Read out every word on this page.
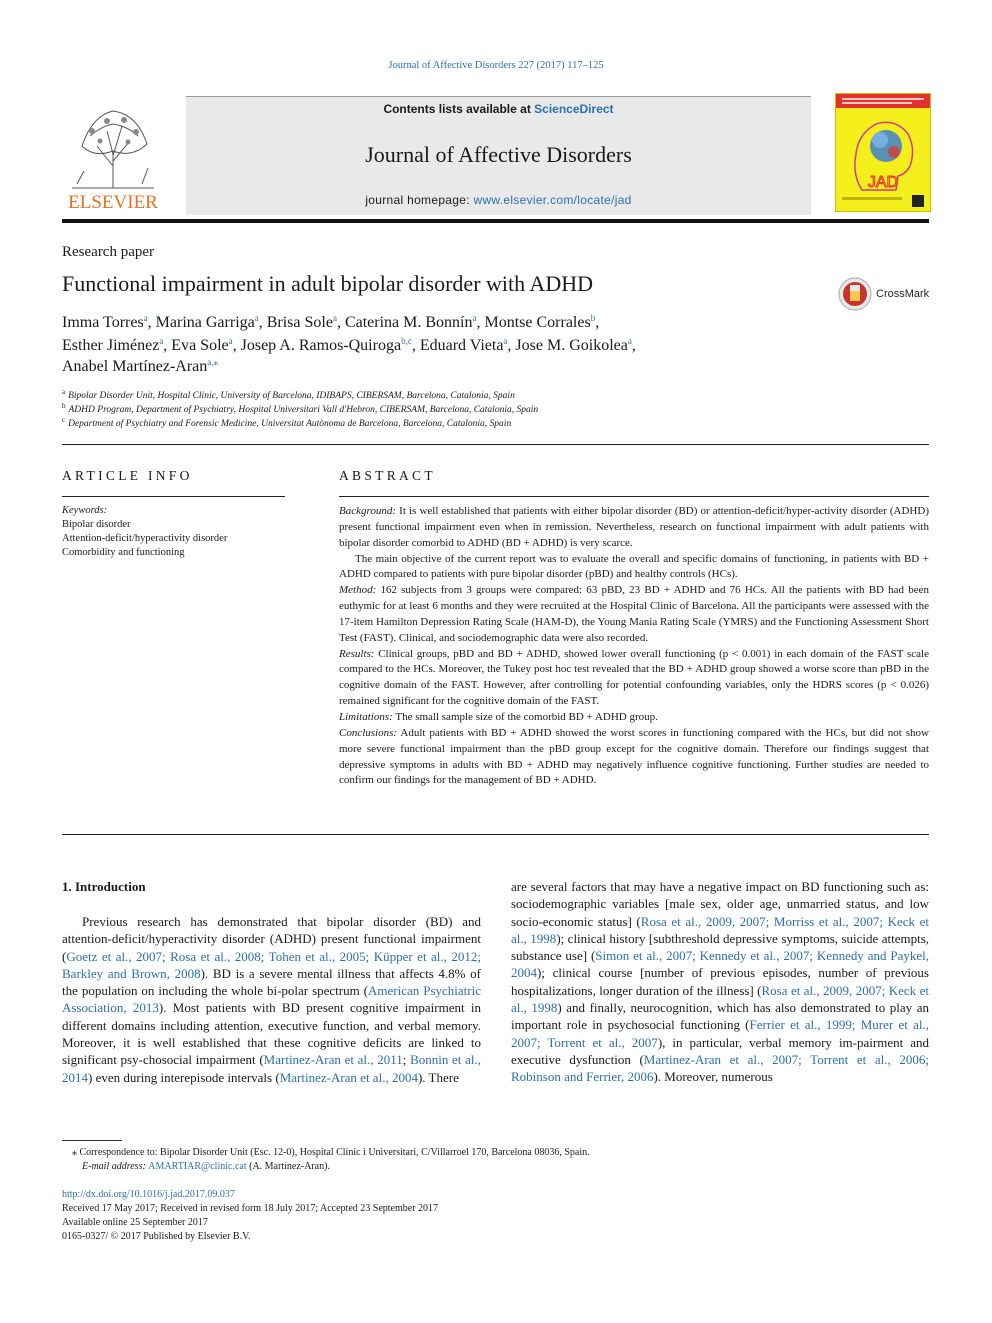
Journal of Affective Disorders 227 (2017) 117–125
ELSEVIER
Contents lists available at ScienceDirect
Journal of Affective Disorders
journal homepage: www.elsevier.com/locate/jad
JAD
Research paper
Functional impairment in adult bipolar disorder with ADHD	CrossMark
Imma Torres$^a$, Marina Garriga$^a$, Brisa Sole$^a$, Caterina M. Bonnín$^a$, Montse Corrales$^b$,
Esther Jiménez$^a$, Eva Sole$^a$, Josep A. Ramos-Quiroga$^{b,c}$, Eduard Vieta$^a$, Jose M. Goikolea$^a$,
Anabel Martínez-Aran$^{a,⁎}$
$^a$ Bipolar Disorder Unit, Hospital Clinic, University of Barcelona, IDIBAPS, CIBERSAM, Barcelona, Catalonia, Spain
$^b$ ADHD Program, Department of Psychiatry, Hospital Universitari Vall d'Hebron, CIBERSAM, Barcelona, Catalonia, Spain
$^c$ Department of Psychiatry and Forensic Medicine, Universitat Autònoma de Barcelona, Barcelona, Catalonia, Spain
ARTICLE INFO
Keywords:
Bipolar disorder
Attention-deficit/hyperactivity disorder
Comorbidity and functioning
ABSTRACT

Background: It is well established that patients with either bipolar disorder (BD) or attention-deficit/hyper-activity disorder (ADHD) present functional impairment even when in remission. Nevertheless, research on functional impairment with adult patients with bipolar disorder comorbid to ADHD (BD + ADHD) is very scarce.

The main objective of the current report was to evaluate the overall and specific domains of functioning, in patients with BD + ADHD compared to patients with pure bipolar disorder (pBD) and healthy controls (HCs).

Method: 162 subjects from 3 groups were compared: 63 pBD, 23 BD + ADHD and 76 HCs. All the patients with BD had been euthymic for at least 6 months and they were recruited at the Hospital Clinic of Barcelona. All the participants were assessed with the 17-item Hamilton Depression Rating Scale (HAM-D), the Young Mania Rating Scale (YMRS) and the Functioning Assessment Short Test (FAST). Clinical, and sociodemographic data were also recorded.

Results: Clinical groups, pBD and BD + ADHD, showed lower overall functioning (p < 0.001) in each domain of the FAST scale compared to the HCs. Moreover, the Tukey post hoc test revealed that the BD + ADHD group showed a worse score than pBD in the cognitive domain of the FAST. However, after controlling for potential confounding variables, only the HDRS scores (p < 0.026) remained significant for the cognitive domain of the FAST.

Limitations: The small sample size of the comorbid BD + ADHD group.

Conclusions: Adult patients with BD + ADHD showed the worst scores in functioning compared with the HCs, but did not show more severe functional impairment than the pBD group except for the cognitive domain. Therefore our findings suggest that depressive symptoms in adults with BD + ADHD may negatively influence cognitive functioning. Further studies are needed to confirm our findings for the management of BD + ADHD.

1. Introduction

Previous research has demonstrated that bipolar disorder (BD) and attention-deficit/hyperactivity disorder (ADHD) present functional impairment (Goetz et al., 2007; Rosa et al., 2008; Tohen et al., 2005; Küpper et al., 2012; Barkley and Brown, 2008). BD is a severe mental illness that affects 4.8% of the population on including the whole bi-polar spectrum (American Psychiatric Association, 2013). Most patients with BD present cognitive impairment in different domains including attention, executive function, and verbal memory. Moreover, it is well established that these cognitive deficits are linked to significant psy-chosocial impairment (Martinez-Aran et al., 2011; Bonnin et al., 2014) even during interepisode intervals (Martinez-Aran et al., 2004). There

are several factors that may have a negative impact on BD functioning such as: sociodemographic variables [male sex, older age, unmarried status, and low socio-economic status] (Rosa et al., 2009, 2007; Morriss et al., 2007; Keck et al., 1998); clinical history [subthreshold depressive symptoms, suicide attempts, substance use] (Simon et al., 2007; Kennedy et al., 2007; Kennedy and Paykel, 2004); clinical course [number of previous episodes, number of previous hospitalizations, longer duration of the illness] (Rosa et al., 2009, 2007; Keck et al., 1998) and finally, neurocognition, which has also demonstrated to play an important role in psychosocial functioning (Ferrier et al., 1999; Murer et al., 2007; Torrent et al., 2007), in particular, verbal memory im-pairment and executive dysfunction (Martinez-Aran et al., 2007; Torrent et al., 2006; Robinson and Ferrier, 2006). Moreover, numerous

⁎ Correspondence to: Bipolar Disorder Unit (Esc. 12-0), Hospital Clínic i Universitari, C/Villarroel 170, Barcelona 08036, Spain.
E-mail address: AMARTIAR@clinic.cat (A. Martínez-Aran).
http://dx.doi.org/10.1016/j.jad.2017.09.037
Received 17 May 2017; Received in revised form 18 July 2017; Accepted 23 September 2017
Available online 25 September 2017
0165-0327/ © 2017 Published by Elsevier B.V.
